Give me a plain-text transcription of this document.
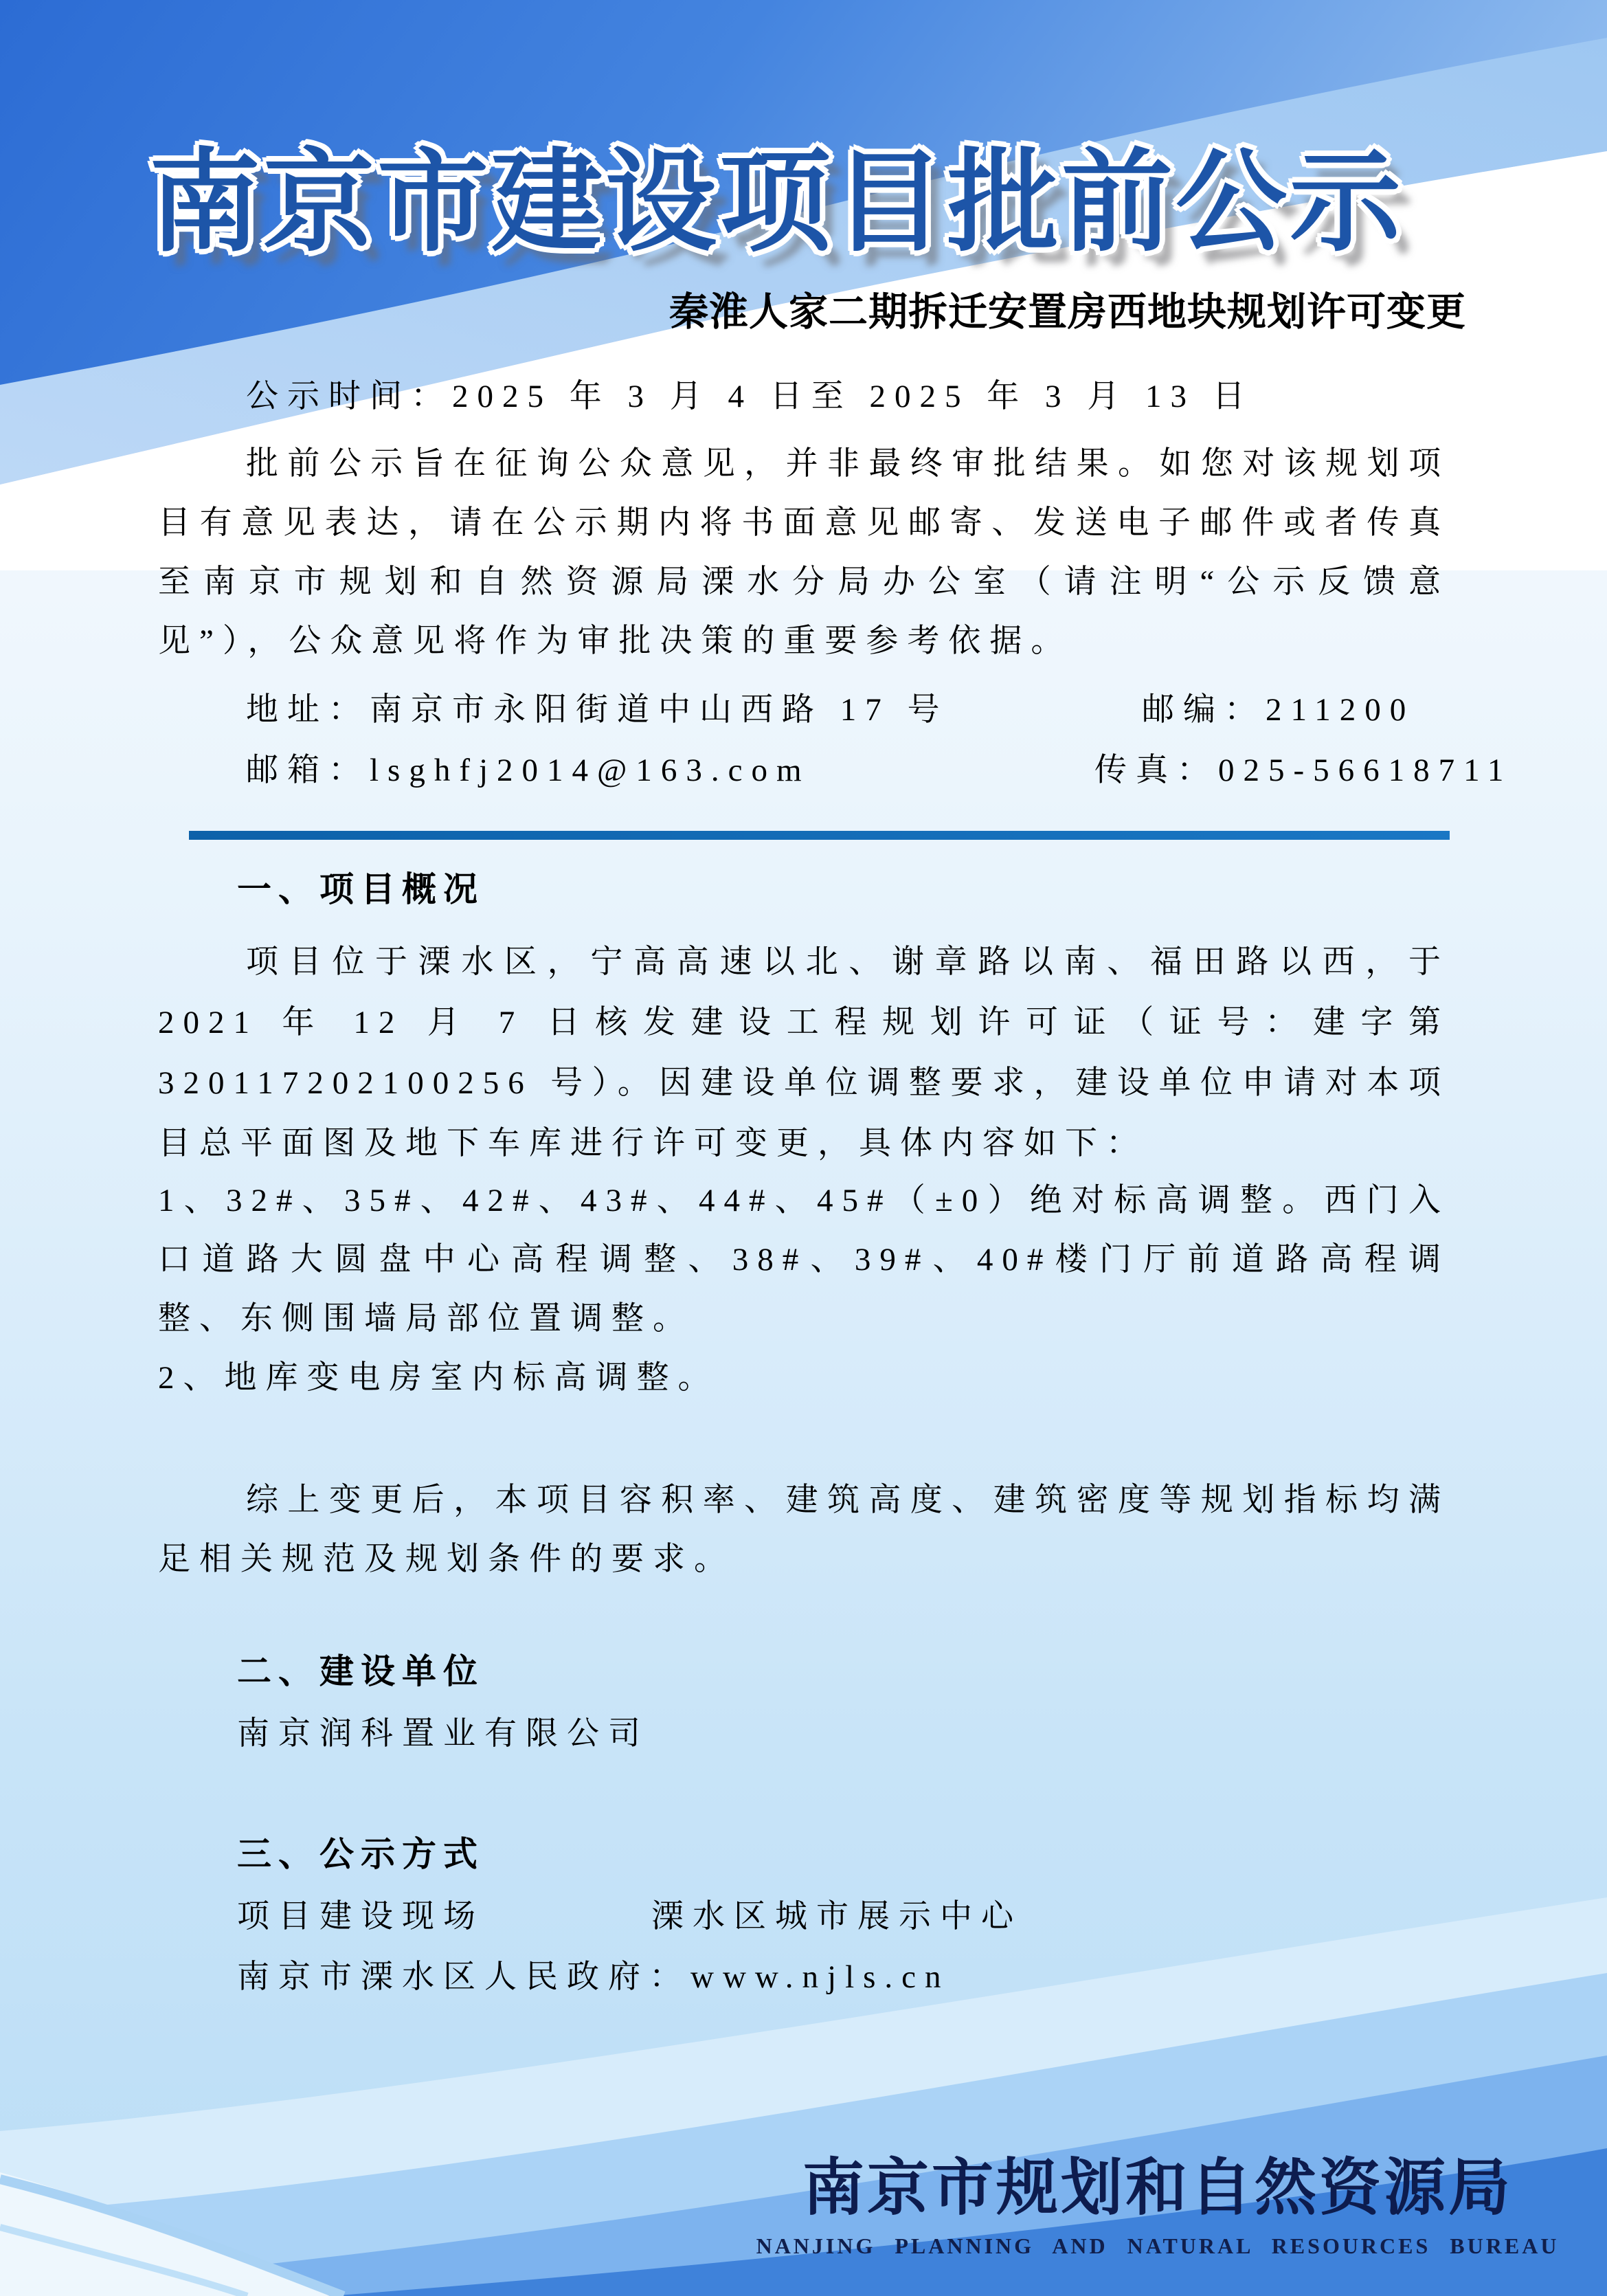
南京市建设项目批前公示
秦淮人家二期拆迁安置房西地块规划许可变更
公示时间：2025 年 3 月 4 日至 2025 年 3 月 13 日
批前公示旨在征询公众意见，并非最终审批结果。如您对该规划项目有意见表达，请在公示期内将书面意见邮寄、发送电子邮件或者传真至南京市规划和自然资源局溧水分局办公室（请注明“公示反馈意见”），公众意见将作为审批决策的重要参考依据。
地址：南京市永阳街道中山西路 17 号	邮编：211200
邮箱：lsghfj2014@163.com	传真：025-56618711
一、项目概况
项目位于溧水区，宁高高速以北、谢章路以南、福田路以西，于 2021 年 12 月 7 日核发建设工程规划许可证（证号：建字第 320117202100256 号）。因建设单位调整要求，建设单位申请对本项目总平面图及地下车库进行许可变更，具体内容如下：
1、32#、35#、42#、43#、44#、45#（±0）绝对标高调整。西门入口道路大圆盘中心高程调整、38#、39#、40#楼门厅前道路高程调整、东侧围墙局部位置调整。
2、地库变电房室内标高调整。
综上变更后，本项目容积率、建筑高度、建筑密度等规划指标均满足相关规范及规划条件的要求。
二、建设单位
南京润科置业有限公司
三、公示方式
项目建设现场	溧水区城市展示中心
南京市溧水区人民政府：www.njls.cn
南京市规划和自然资源局
NANJING PLANNING AND NATURAL RESOURCES BUREAU
